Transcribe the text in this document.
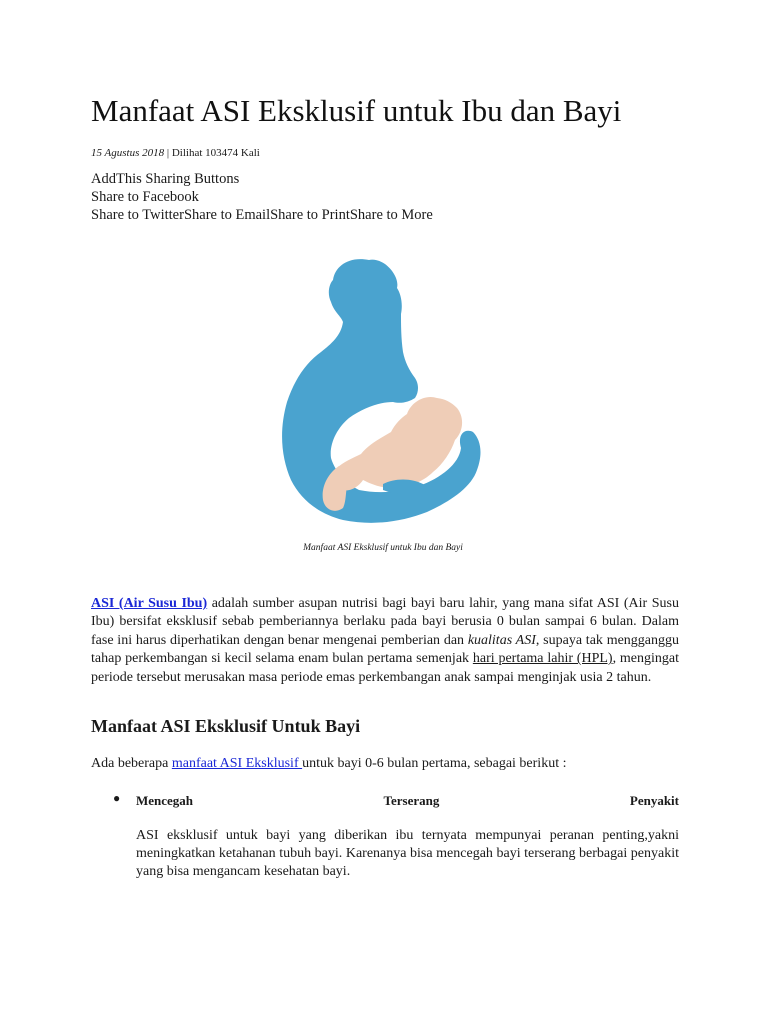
Manfaat ASI Eksklusif untuk Ibu dan Bayi
15 Agustus 2018 | Dilihat 103474 Kali
AddThis Sharing Buttons
Share to Facebook
Share to TwitterShare to EmailShare to PrintShare to More
Manfaat ASI Eksklusif untuk Ibu dan Bayi
ASI (Air Susu Ibu) adalah sumber asupan nutrisi bagi bayi baru lahir, yang mana sifat ASI (Air Susu Ibu) bersifat eksklusif sebab pemberiannya berlaku pada bayi berusia 0 bulan sampai 6 bulan. Dalam fase ini harus diperhatikan dengan benar mengenai pemberian dan kualitas ASI, supaya tak mengganggu tahap perkembangan si kecil selama enam bulan pertama semenjak hari pertama lahir (HPL), mengingat periode tersebut merusakan masa periode emas perkembangan anak sampai menginjak usia 2 tahun.
Manfaat ASI Eksklusif Untuk Bayi
Ada beberapa manfaat ASI Eksklusif untuk bayi 0-6 bulan pertama, sebagai berikut :
● Mencegah	Terserang	Penyakit
ASI eksklusif untuk bayi yang diberikan ibu ternyata mempunyai peranan penting,yakni meningkatkan ketahanan tubuh bayi. Karenanya bisa mencegah bayi terserang berbagai penyakit yang bisa mengancam kesehatan bayi.
